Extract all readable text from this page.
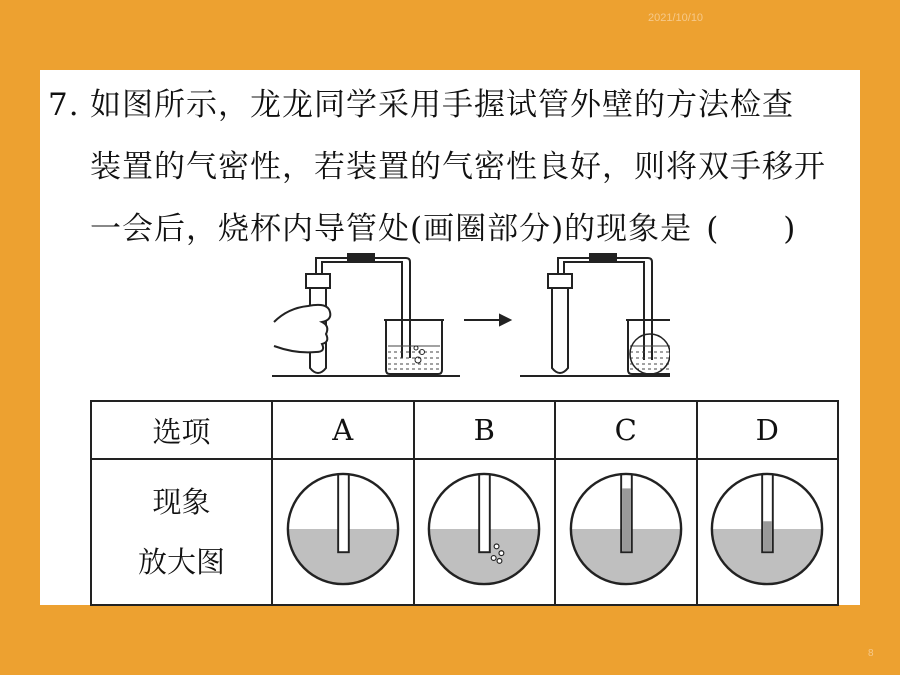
2021/10/10
7. 如图所示，龙龙同学采用手握试管外壁的方法检查
装置的气密性，若装置的气密性良好，则将双手移开
一会后，烧杯内导管处(画圈部分)的现象是 (　　)
选项	A	B	C	D

现象
放大图

8
